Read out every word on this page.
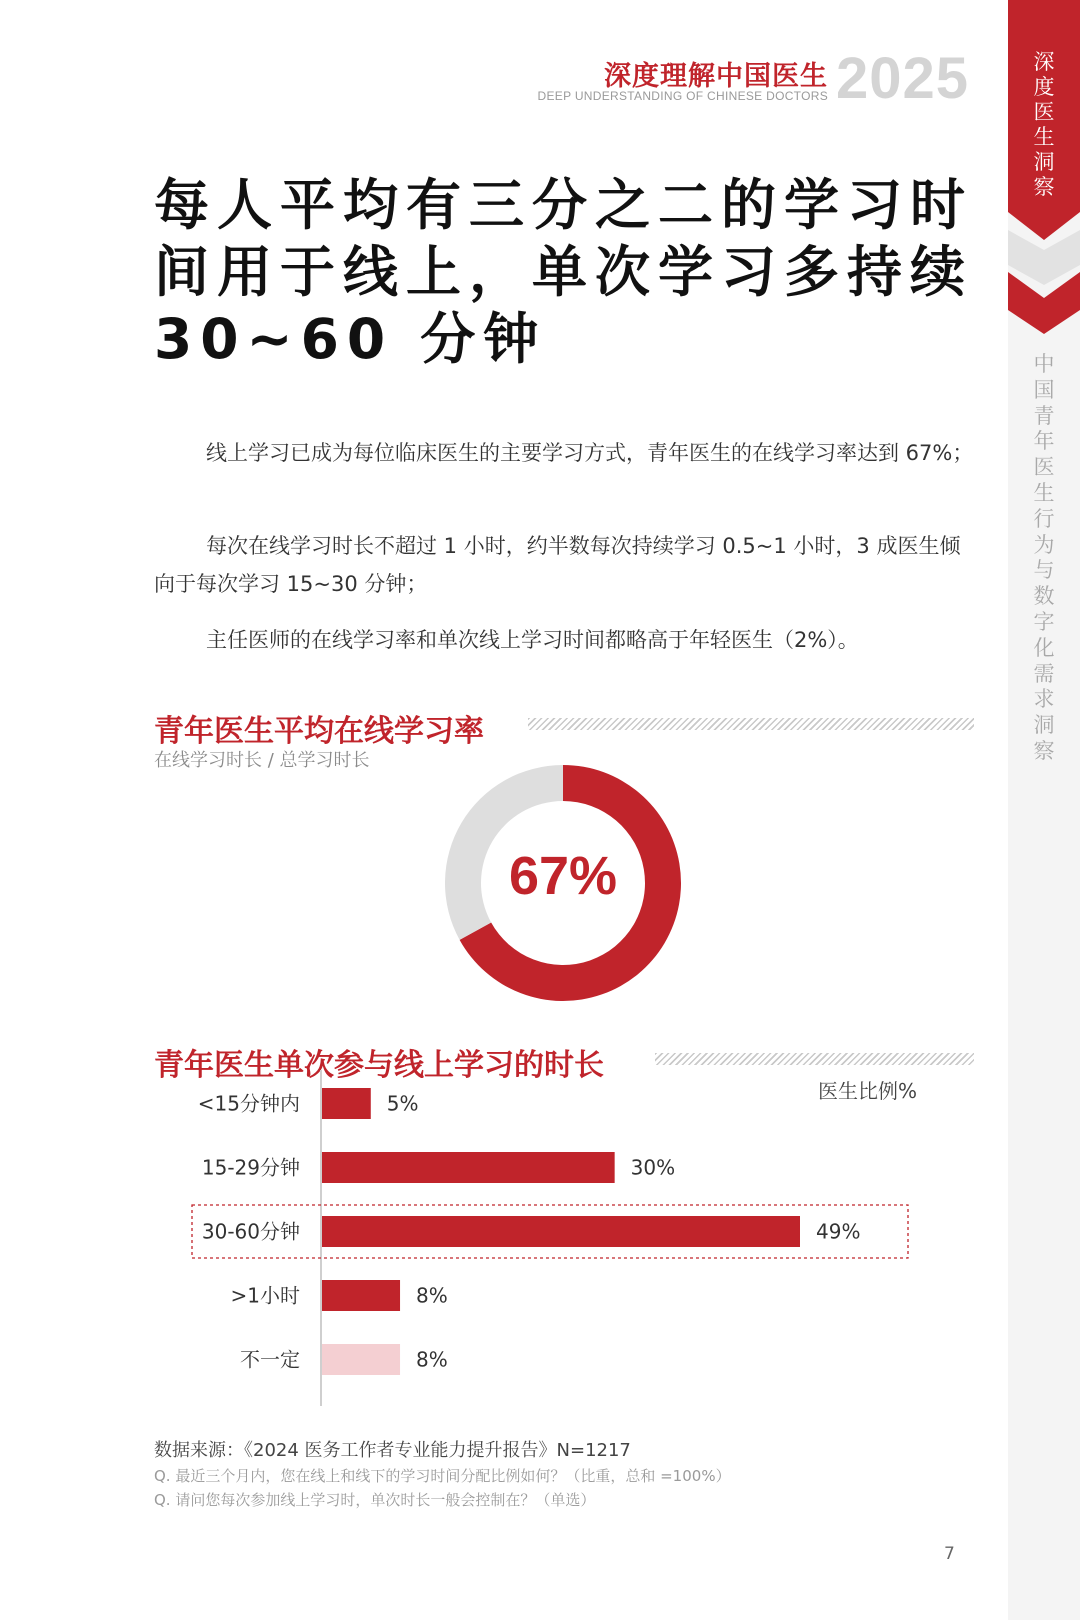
深度理解中国医生
DEEP UNDERSTANDING OF CHINESE DOCTORS 2025	深
度
医
生
洞
察
中
国
青
年
医
生
行
为
与
数
字
化
需
求
洞
察
每人平均有三分之二的学习时
间用于线上，单次学习多持续
30~60 分钟
线上学习已成为每位临床医生的主要学习方式，青年医生的在线学习率达到 67%；
每次在线学习时长不超过 1 小时，约半数每次持续学习 0.5~1 小时，3 成医生倾向于每次学习 15~30 分钟；
主任医师的在线学习率和单次线上学习时间都略高于年轻医生（2%）。
青年医生平均在线学习率
在线学习时长 / 总学习时长
67%
青年医生单次参与线上学习的时长
医生比例%
<15分钟内	5%
15-29分钟	30%
30-60分钟	49%
>1小时	8%
不一定	8%
数据来源：《2024 医务工作者专业能力提升报告》N=1217
Q. 最近三个月内，您在线上和线下的学习时间分配比例如何？（比重，总和 =100%）
Q. 请问您每次参加线上学习时，单次时长一般会控制在？（单选）
7
